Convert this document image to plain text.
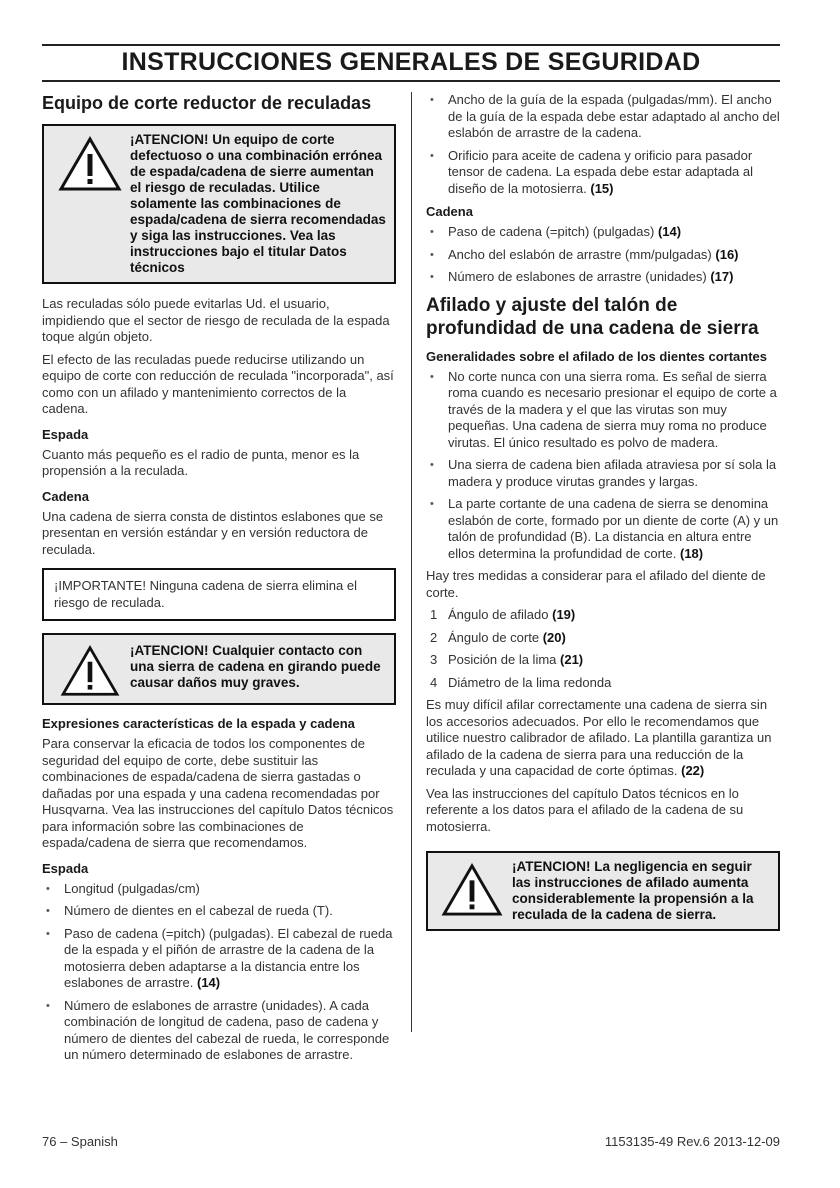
INSTRUCCIONES GENERALES DE SEGURIDAD
Equipo de corte reductor de reculadas
¡ATENCION! Un equipo de corte defectuoso o una combinación errónea de espada/cadena de sierre aumentan el riesgo de reculadas. Utilice solamente las combinaciones de espada/cadena de sierra recomendadas y siga las instrucciones. Vea las instrucciones bajo el titular Datos técnicos

Las reculadas sólo puede evitarlas Ud. el usuario, impidiendo que el sector de riesgo de reculada de la espada toque algún objeto.

El efecto de las reculadas puede reducirse utilizando un equipo de corte con reducción de reculada "incorporada", así como con un afilado y mantenimiento correctos de la cadena.

Espada

Cuanto más pequeño es el radio de punta, menor es la propensión a la reculada.

Cadena

Una cadena de sierra consta de distintos eslabones que se presentan en versión estándar y en versión reductora de reculada.

¡IMPORTANTE! Ninguna cadena de sierra elimina el riesgo de reculada.
¡ATENCION! Cualquier contacto con una sierra de cadena en girando puede causar daños muy graves.
Expresiones características de la espada y cadena

Para conservar la eficacia de todos los componentes de seguridad del equipo de corte, debe sustituir las combinaciones de espada/cadena de sierra gastadas o dañadas por una espada y una cadena recomendadas por Husqvarna. Vea las instrucciones del capítulo Datos técnicos para información sobre las combinaciones de espada/cadena de sierra que recomendamos.

Espada
• Longitud (pulgadas/cm)
• Número de dientes en el cabezal de rueda (T).
• Paso de cadena (=pitch) (pulgadas). El cabezal de rueda de la espada y el piñón de arrastre de la cadena de la motosierra deben adaptarse a la distancia entre los eslabones de arrastre. (14)
• Número de eslabones de arrastre (unidades). A cada combinación de longitud de cadena, paso de cadena y número de dientes del cabezal de rueda, le corresponde un número determinado de eslabones de arrastre.
• Ancho de la guía de la espada (pulgadas/mm). El ancho de la guía de la espada debe estar adaptado al ancho del eslabón de arrastre de la cadena.
• Orificio para aceite de cadena y orificio para pasador tensor de cadena. La espada debe estar adaptada al diseño de la motosierra. (15)
Cadena
• Paso de cadena (=pitch) (pulgadas) (14)
• Ancho del eslabón de arrastre (mm/pulgadas) (16)
• Número de eslabones de arrastre (unidades) (17)
Afilado y ajuste del talón de profundidad de una cadena de sierra
Generalidades sobre el afilado de los dientes cortantes
• No corte nunca con una sierra roma. Es señal de sierra roma cuando es necesario presionar el equipo de corte a través de la madera y el que las virutas son muy pequeñas. Una cadena de sierra muy roma no produce virutas. El único resultado es polvo de madera.
• Una sierra de cadena bien afilada atraviesa por sí sola la madera y produce virutas grandes y largas.
• La parte cortante de una cadena de sierra se denomina eslabón de corte, formado por un diente de corte (A) y un talón de profundidad (B). La distancia en altura entre ellos determina la profundidad de corte. (18)

Hay tres medidas a considerar para el afilado del diente de corte.

1 Ángulo de afilado (19)
2 Ángulo de corte (20)
3 Posición de la lima (21)
4 Diámetro de la lima redonda

Es muy difícil afilar correctamente una cadena de sierra sin los accesorios adecuados. Por ello le recomendamos que utilice nuestro calibrador de afilado. La plantilla garantiza un afilado de la cadena de sierra para una reducción de la reculada y una capacidad de corte óptimas. (22)

Vea las instrucciones del capítulo Datos técnicos en lo referente a los datos para el afilado de la cadena de su motosierra.

¡ATENCION! La negligencia en seguir las instrucciones de afilado aumenta considerablemente la propensión a la reculada de la cadena de sierra.
76 – Spanish	1153135-49 Rev.6 2013-12-09
